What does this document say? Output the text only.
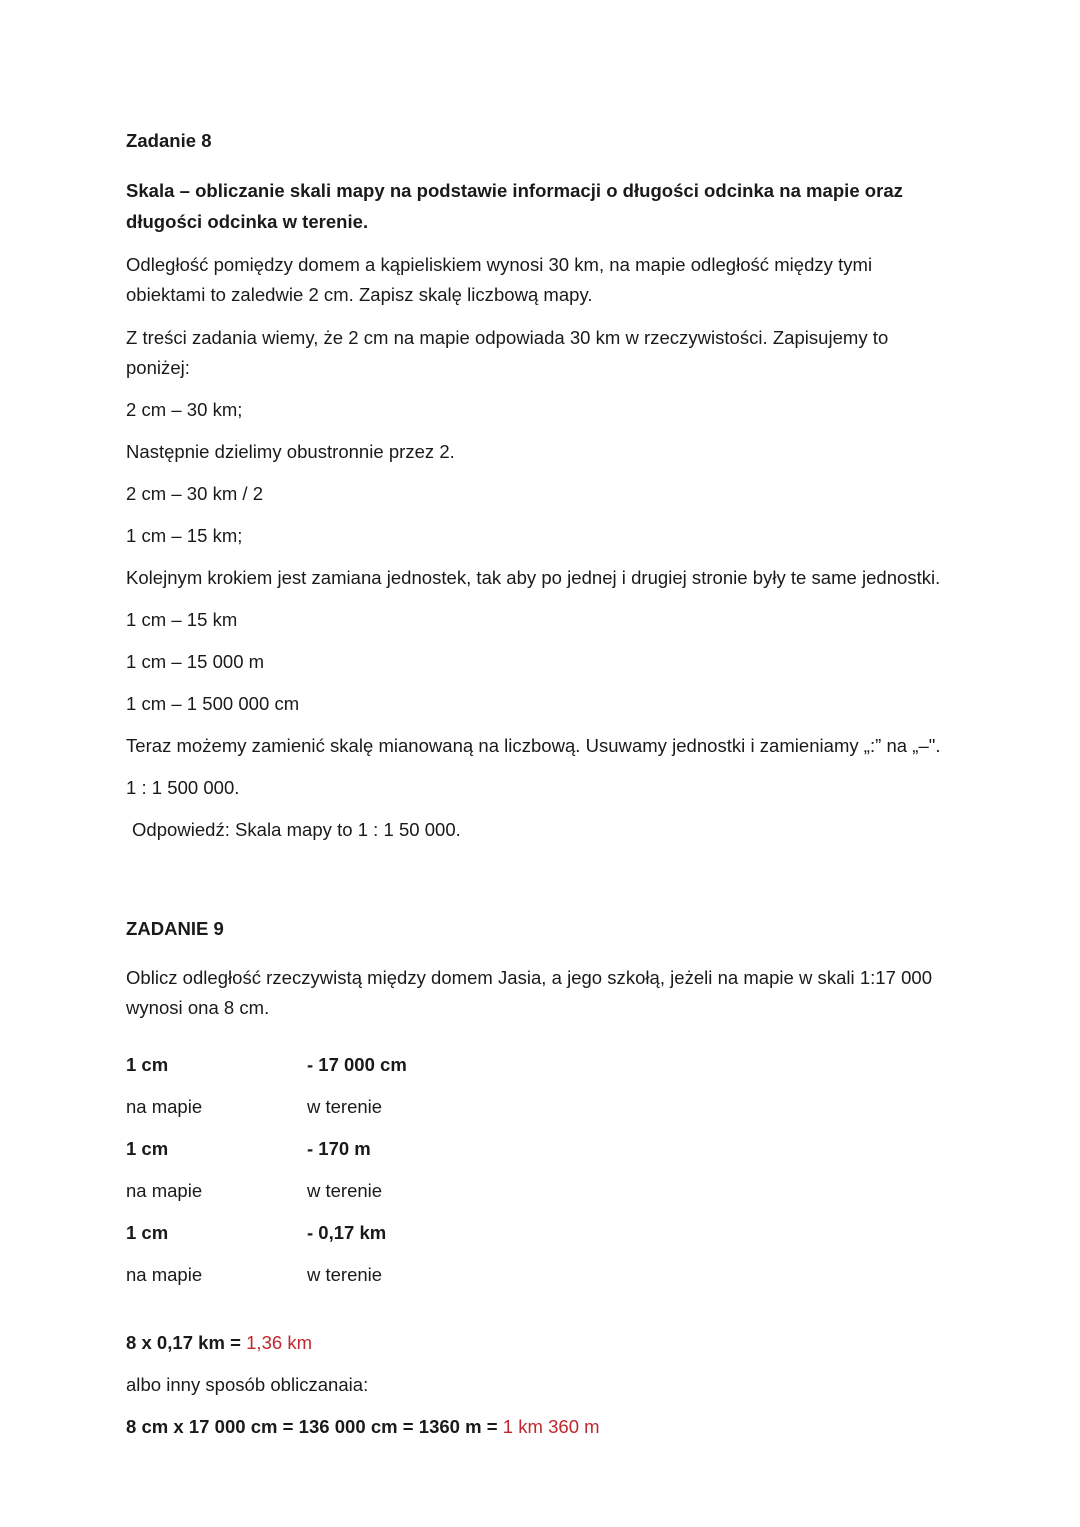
Zadanie 8

Skala – obliczanie skali mapy na podstawie informacji o długości odcinka na mapie oraz długości odcinka w terenie.

Odległość pomiędzy domem a kąpieliskiem wynosi 30 km, na mapie odległość między tymi obiektami to zaledwie 2 cm. Zapisz skalę liczbową mapy.

Z treści zadania wiemy, że 2 cm na mapie odpowiada 30 km w rzeczywistości. Zapisujemy to poniżej:

2 cm – 30 km;

Następnie dzielimy obustronnie przez 2.

2 cm – 30 km / 2

1 cm – 15 km;

Kolejnym krokiem jest zamiana jednostek, tak aby po jednej i drugiej stronie były te same jednostki.

1 cm – 15 km

1 cm – 15 000 m

1 cm – 1 500 000 cm

Teraz możemy zamienić skalę mianowaną na liczbową. Usuwamy jednostki i zamieniamy „:” na „–".

1 : 1 500 000.

Odpowiedź: Skala mapy to 1 : 1 50 000.

ZADANIE 9

Oblicz odległość rzeczywistą między domem Jasia, a jego szkołą, jeżeli na mapie w skali 1:17 000 wynosi ona 8 cm.

1 cm	- 17 000 cm
na mapie	w terenie
1 cm	- 170 m
na mapie	w terenie
1 cm	- 0,17 km
na mapie	w terenie

8 x 0,17 km = 1,36 km

albo inny sposób obliczanaia:

8 cm x 17 000 cm = 136 000 cm = 1360 m = 1 km 360 m
